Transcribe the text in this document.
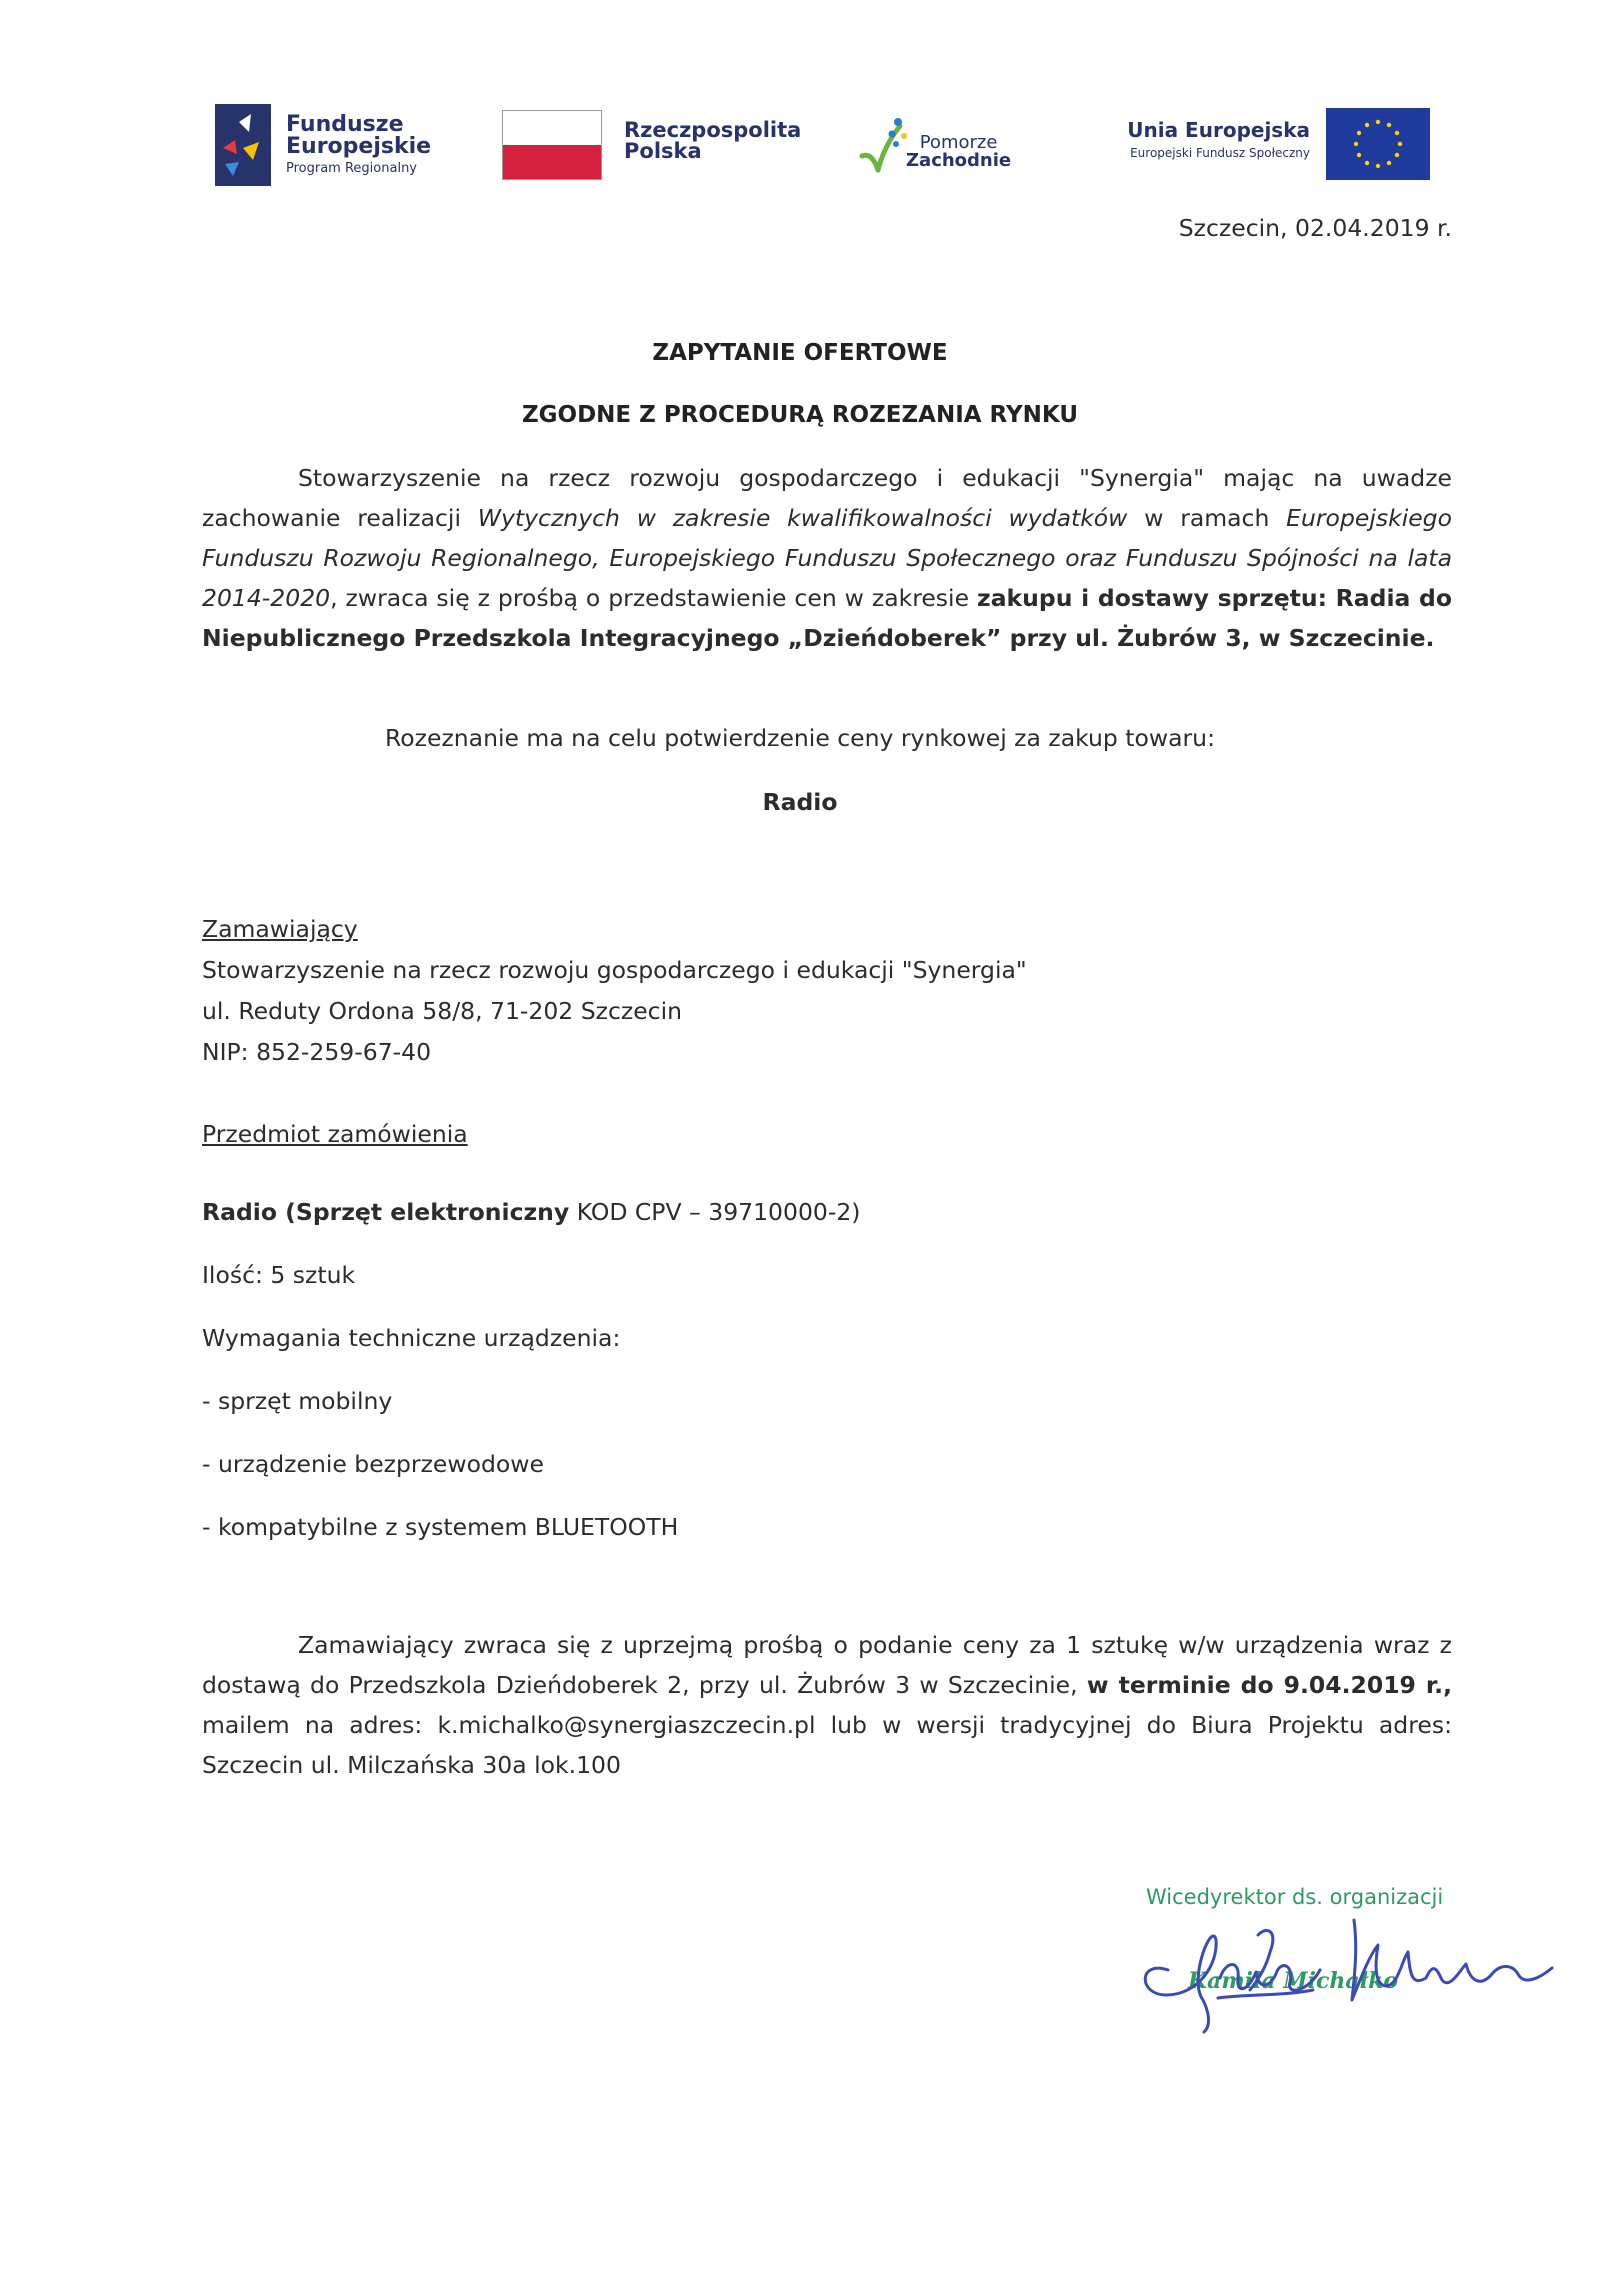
Fundusze
Europejskie
Program Regionalny
Rzeczpospolita
Polska	Pomorze
Zachodnie
Unia Europejska
Europejski Fundusz Społeczny
Szczecin, 02.04.2019 r.
ZAPYTANIE OFERTOWE
ZGODNE Z PROCEDURĄ ROZEZANIA RYNKU
Stowarzyszenie na rzecz rozwoju gospodarczego i edukacji "Synergia" mając na uwadze zachowanie realizacji Wytycznych w zakresie kwalifikowalności wydatków w ramach Europejskiego Funduszu Rozwoju Regionalnego, Europejskiego Funduszu Społecznego oraz Funduszu Spójności na lata 2014-2020, zwraca się z prośbą o przedstawienie cen w zakresie zakupu i dostawy sprzętu: Radia do Niepublicznego Przedszkola Integracyjnego „Dzieńdoberek” przy ul. Żubrów 3, w Szczecinie.
Rozeznanie ma na celu potwierdzenie ceny rynkowej za zakup towaru:
Radio
Zamawiający
Stowarzyszenie na rzecz rozwoju gospodarczego i edukacji "Synergia"
ul. Reduty Ordona 58/8, 71-202 Szczecin
NIP: 852-259-67-40
Przedmiot zamówienia
Radio (Sprzęt elektroniczny KOD CPV – 39710000-2)
Ilość: 5 sztuk
Wymagania techniczne urządzenia:
- sprzęt mobilny
- urządzenie bezprzewodowe
- kompatybilne z systemem BLUETOOTH
Zamawiający zwraca się z uprzejmą prośbą o podanie ceny za 1 sztukę w/w urządzenia wraz z dostawą do Przedszkola Dzieńdoberek 2, przy ul. Żubrów 3 w Szczecinie, w terminie do 9.04.2019 r., mailem na adres: k.michalko@synergiaszczecin.pl lub w wersji tradycyjnej do Biura Projektu adres: Szczecin ul. Milczańska 30a lok.100
Wicedyrektor ds. organizacji
Kamila Michałko
